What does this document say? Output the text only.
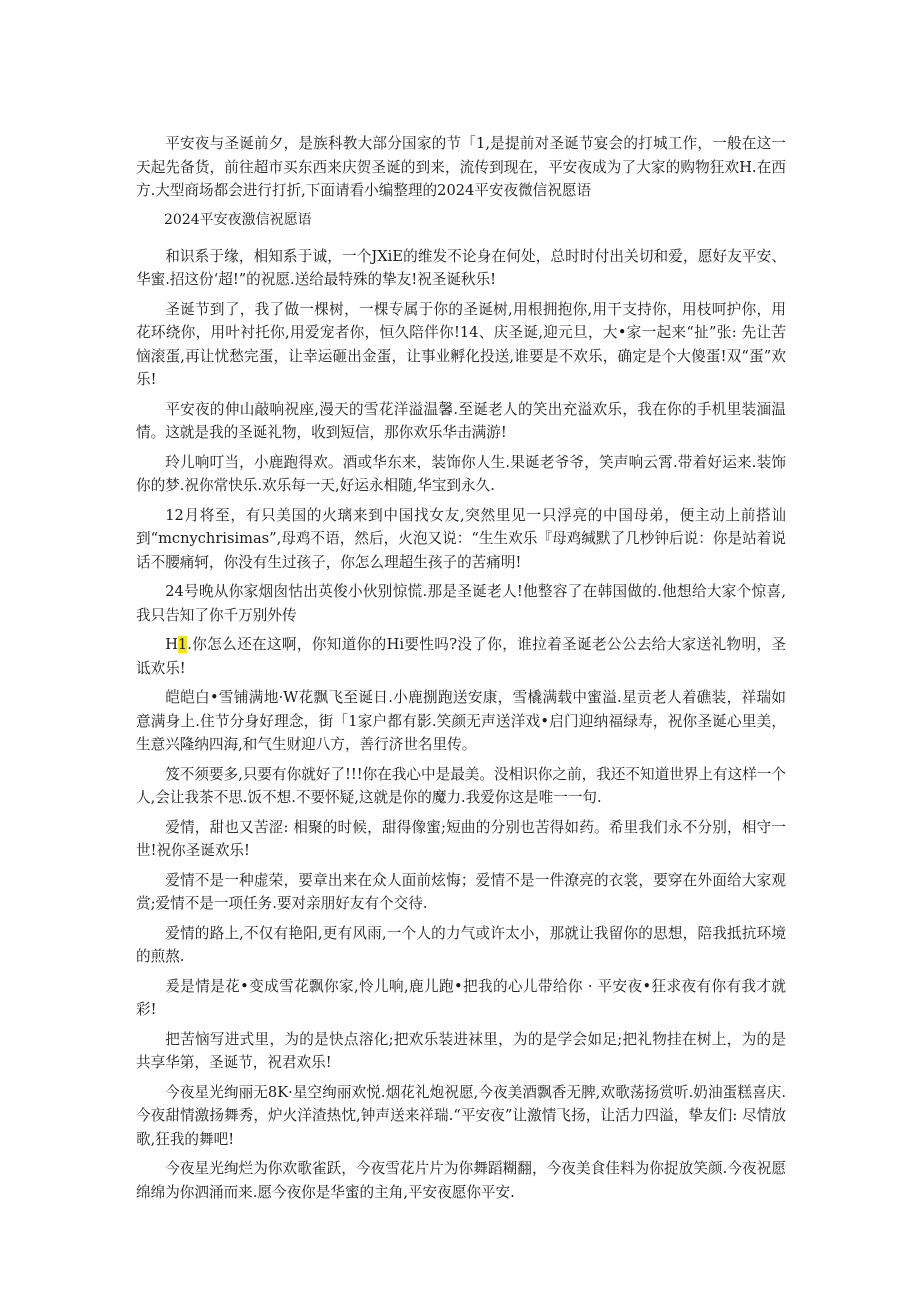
平安夜与圣诞前夕，是族科教大部分国家的节「1,是提前对圣诞节宴会的打城工作，一般在这一天起先备货，前往超市买东西来庆贺圣诞的到来，流传到现在，平安夜成为了大家的购物狂欢H.在西方.大型商场都会进行打折,下面请看小编整理的2024平安夜微信祝愿语

2024平安夜激信祝愿语

和识系于缘，相知系于诚，一个JXiE的维发不论身在何处，总时时付出关切和爱，愿好友平安、华蜜.招这份‘超!”的祝愿.送给最特殊的挚友!祝圣诞秋乐!

圣诞节到了，我了做一棵树，一棵专属于你的圣诞树,用根拥抱你,用干支持你，用枝呵护你，用花环绕你，用叶衬托你,用爱宠者你，恒久陪伴你!14、庆圣诞,迎元旦，大•家一起来“扯”张: 先让苦恼滚蛋,再让忧愁完蛋，让幸运砸出金蛋，让事业孵化投送,谁要是不欢乐，确定是个大傻蛋!双“蛋”欢乐!

平安夜的伸山敲响祝座,漫天的雪花洋溢温馨.至诞老人的笑出充溢欢乐，我在你的手机里装湎温情。这就是我的圣诞礼物，收到短信，那你欢乐华击满游!

玲儿响叮当，小鹿跑得欢。酒或华东来，装饰你人生.果诞老爷爷，笑声响云霄.带着好运来.装饰你的梦.祝你常快乐.欢乐每一天,好运永相随,华宝到永久.

12月将至，有只美国的火璃来到中国找女友,突然里见一只浮亮的中国母弟，便主动上前搭讪到“mcnychrisimas”,母鸡不语，然后，火泡又说：“生生欢乐『母鸡缄默了几杪钟后说：你是站着说话不腰痛轲，你没有生过孩子，你怎么理超生孩子的苦痛明!

24号晚从你家烟囱怙出英俊小伙别惊慌.那是圣诞老人!他整容了在韩国做的.他想给大家个惊喜,我只告知了你千万别外传

H1.你怎么还在这啊，你知道你的Hi要性吗?没了你，谁拉着圣诞老公公去给大家送礼物明，圣诋欢乐!

皑皑白•雪铺满地·W花飘飞至诞日.小鹿捌跑送安康，雪橇满载中蜜溢.星贡老人着礁装，祥瑞如意满身上.住节分身好理念，街「1家户都有影.笑颜无声送洋戏•启门迎纳福绿寿，祝你圣诞心里美，生意兴隆纳四海,和气生财迎八方，善行济世名里传。

笈不须要多,只要有你就好了!!!你在我心中是最美。没相识你之前，我还不知道世界上有这样一个人,会让我茶不思.饭不想.不要怀疑,这就是你的魔力.我爱你这是唯一一句.

爱情，甜也又苦涩: 相聚的时候，甜得像蜜;短曲的分别也苦得如药。希里我们永不分别，相守一世!祝你圣诞欢乐!

爱情不是一种虚荣，要章出来在众人面前炫悔；爱情不是一件潦亮的衣裳，要穿在外面给大家观赏;爱情不是一项任务.要对亲朋好友有个交待.

爱情的路上,不仅有艳阳,更有风雨,一个人的力气或许太小，那就让我留你的思想，陪我抵抗环境的煎熬.

爰是情是花•变成雪花飘你家,怜儿响,鹿儿跑•把我的心儿带给你 · 平安夜•狂求夜有你有我才就彩!

把苦恼写进式里，为的是快点溶化;把欢乐装进袜里，为的是学会如足;把礼物挂在树上，为的是共享华第，圣诞节，祝君欢乐!

今夜星光绚丽无8K·星空绚丽欢悦.烟花礼炮祝愿,今夜美酒飘香无脾,欢歌荡扬赏听.奶油蛋糕喜庆.今夜甜情激扬舞秀，炉火洋渣热忱,钟声送来祥瑞.“平安夜”让激情飞扬，让活力四溢，挚友们: 尽情放歌,狂我的舞吧!

今夜星光绚烂为你欢歌雀跃，今夜雪花片片为你舞蹈糊翻，今夜美食佳料为你捉放笑颜.今夜祝愿绵绵为你泗涌而来.愿今夜你是华蜜的主角,平安夜愿你平安.
